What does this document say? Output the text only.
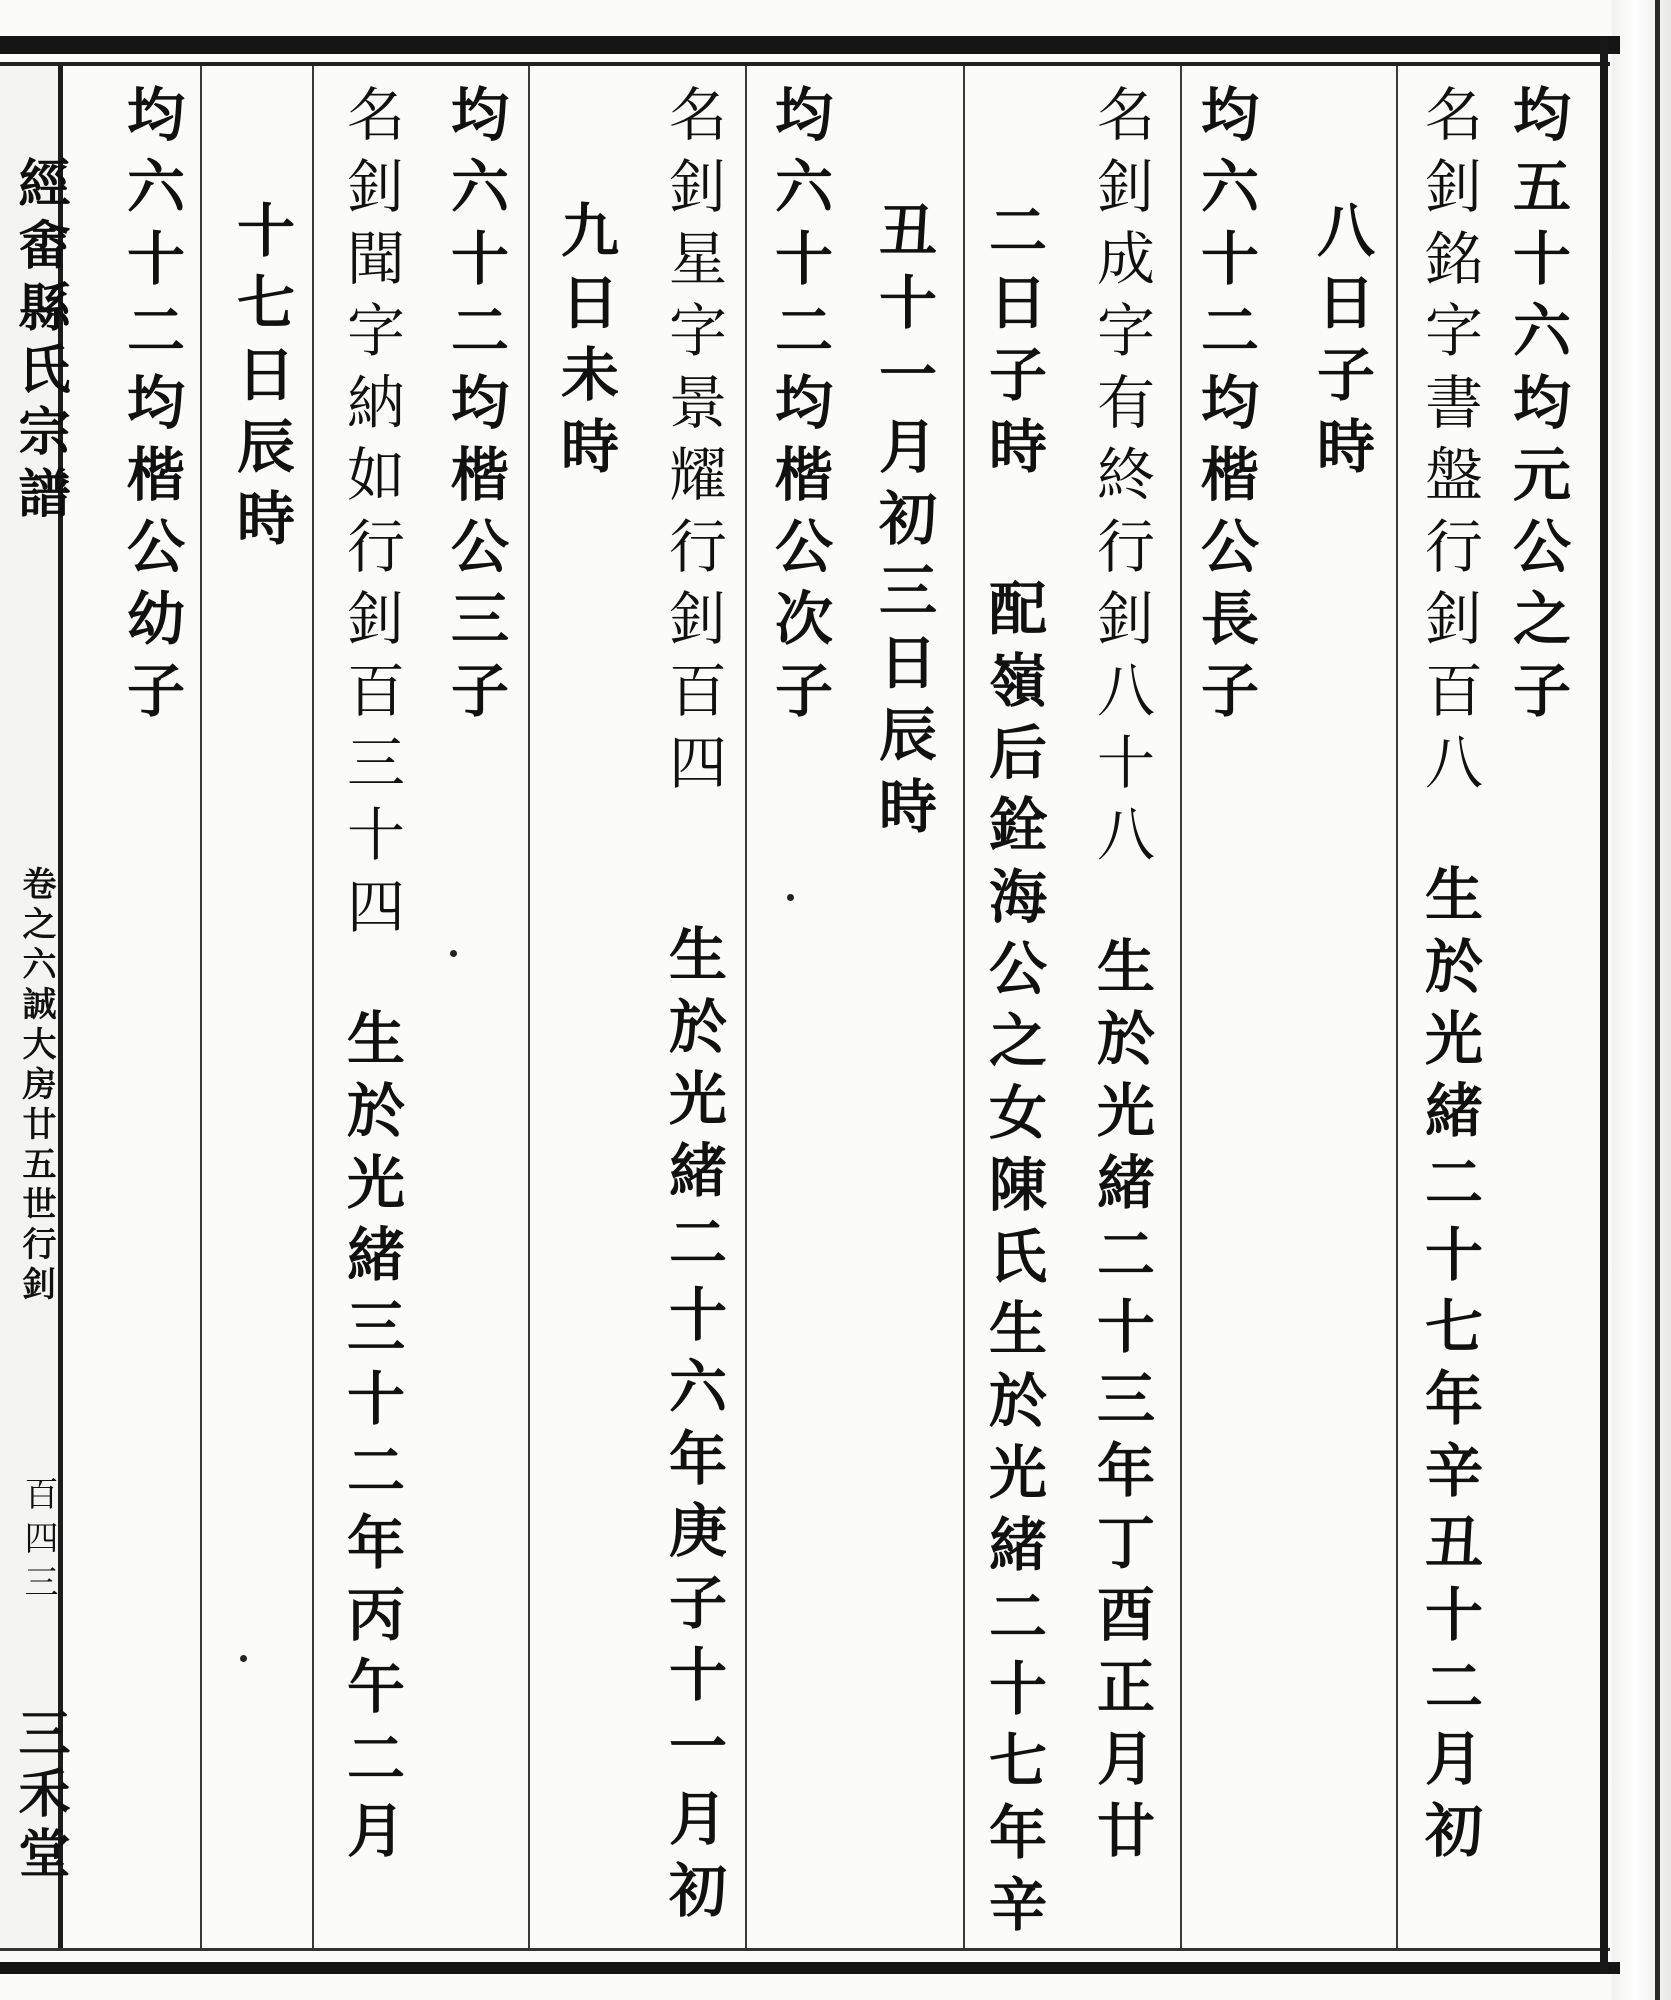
經畬縣氏宗譜
卷之六誠大房廿五世行釗
百四三
三禾堂
均五十六均元公之子
名釗銘字書盤行釗百八生於光緒二十七年辛丑十二月初
八日子時
均六十二均楷公長子
名釗成字有終行釗八十八生於光緒二十三年丁酉正月廿
二日子時配嶺后銓海公之女陳氏生於光緒二十七年辛
丑十一月初三日辰時
均六十二均楷公次子
名釗星字景耀行釗百四生於光緒二十六年庚子十一月初
九日未時
均六十二均楷公三子
名釗聞字納如行釗百三十四生於光緒三十二年丙午二月
十七日辰時
均六十二均楷公幼子
